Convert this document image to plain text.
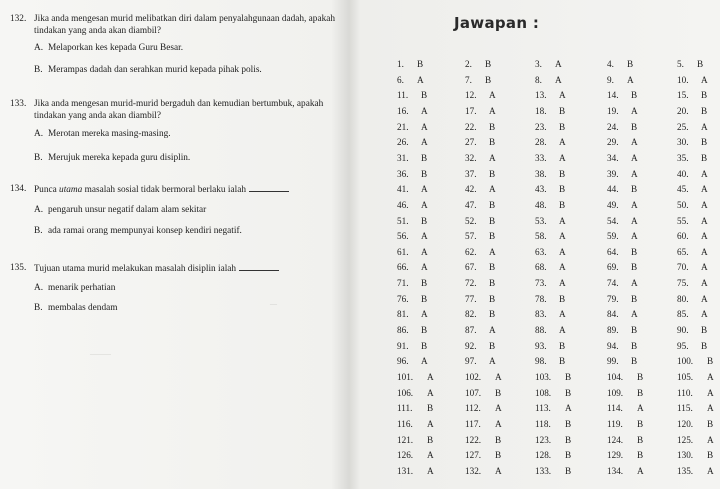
132. Jika anda mengesan murid melibatkan diri dalam penyalahgunaan dadah, apakah tindakan yang anda akan diambil?
A. Melaporkan kes kepada Guru Besar.
B. Merampas dadah dan serahkan murid kepada pihak polis.
133. Jika anda mengesan murid-murid bergaduh dan kemudian bertumbuk, apakah tindakan yang anda akan diambil?
A. Merotan mereka masing-masing.
B. Merujuk mereka kepada guru disiplin.
134. Punca utama masalah sosial tidak bermoral berlaku ialah
A. pengaruh unsur negatif dalam alam sekitar
B. ada ramai orang mempunyai konsep kendiri negatif.
135. Tujuan utama murid melakukan masalah disiplin ialah
A. menarik perhatian
B. membalas dendam	—
———
Jawapan :
1. B	2. B	3. A	4. B	5. B
6. A	7. B	8. A	9. A	10. A
11. B	12. A	13. A	14. B	15. B
16. A	17. A	18. B	19. A	20. B
21. A	22. B	23. B	24. B	25. A
26. A	27. B	28. A	29. A	30. B
31. B	32. A	33. A	34. A	35. B
36. B	37. B	38. B	39. A	40. A
41. A	42. A	43. B	44. B	45. A
46. A	47. B	48. B	49. A	50. A
51. B	52. B	53. A	54. A	55. A
56. A	57. B	58. A	59. A	60. A
61. A	62. A	63. A	64. B	65. A
66. A	67. B	68. A	69. B	70. A
71. B	72. B	73. A	74. A	75. A
76. B	77. B	78. B	79. B	80. A
81. A	82. B	83. A	84. A	85. A
86. B	87. A	88. A	89. B	90. B
91. B	92. B	93. B	94. B	95. B
96. A	97. A	98. B	99. B	100. B
101. A	102. A	103. B	104. B	105. A
106. A	107. B	108. B	109. B	110. A
111. B	112. A	113. A	114. A	115. A
116. A	117. A	118. B	119. B	120. B
121. B	122. B	123. B	124. B	125. A
126. A	127. B	128. B	129. B	130. B
131. A	132. A	133. B	134. A	135. A
